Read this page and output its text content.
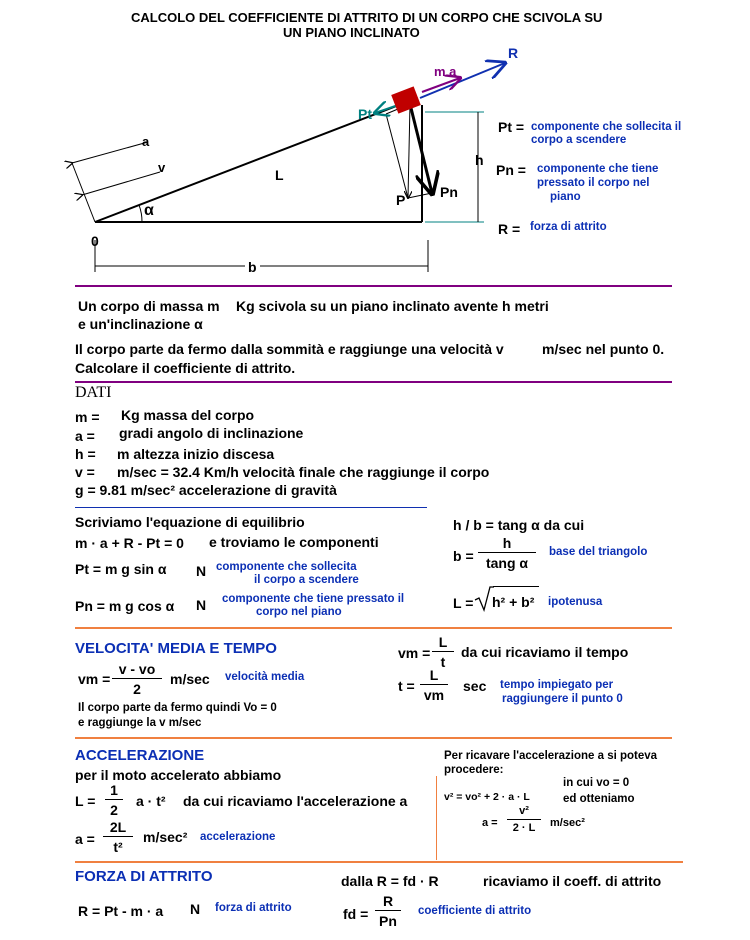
CALCOLO DEL COEFFICIENTE DI ATTRITO DI UN CORPO CHE SCIVOLA SU
UN PIANO INCLINATO
R
m a
Pt
a
v	L
h
P Pn
α
0
b
Pt = componente che sollecita il
corpo a scendere
Pn = componente che tiene
pressato il corpo nel
piano
R = forza di attrito
Un corpo di massa m Kg scivola su un piano inclinato avente h metri
e un'inclinazione α
Il corpo parte da fermo dalla sommità e raggiunge una velocità v	m/sec nel punto 0.
Calcolare il coefficiente di attrito.
DATI
m = Kg massa del corpo
a = gradi angolo di inclinazione
h = m altezza inizio discesa
v = m/sec = 32.4 Km/h velocità finale che raggiunge il corpo
g = 9.81 m/sec² accelerazione di gravità
Scriviamo l'equazione di equilibrio
m · a + R - Pt = 0 e troviamo le componenti
Pt = m g sin α N componente che sollecita
il corpo a scendere
Pn = m g cos α N componente che tiene pressato il
corpo nel piano
h / b = tang α da cui
$b = \frac{h}{\text{tang α}}$ base del triangolo
L = h² + b² ipotenusa
VELOCITA' MEDIA E TEMPO
vm = $\frac{v - vo}{2} m/\sec$ velocità media
Il corpo parte da fermo quindi Vo = 0
e raggiunge la v m/sec
vm = $\frac{L}{t}$ da cui ricaviamo il tempo
$t = \frac{L}{vm}$ sec tempo impiegato per
raggiungere il punto 0
ACCELERAZIONE
per il moto accelerato abbiamo
$L = \frac{1}{2}$ a · t² da cui ricaviamo l'accelerazione a
$a = \frac{2L}{\text{t²}} m/\sec^2$ accelerazione
Per ricavare l'accelerazione a si poteva
procedere:
in cui vo = 0
v² = vo² + 2 · a · L	ed otteniamo
$a = \frac{\text{v²}}{2 \cdot L} m/\sec^2$
FORZA DI ATTRITO
R = Pt - m · a N forza di attrito
dalla R = fd · R	ricaviamo il coeff. di attrito
fd = $\frac{R}{Pn}$ coefficiente di attrito
